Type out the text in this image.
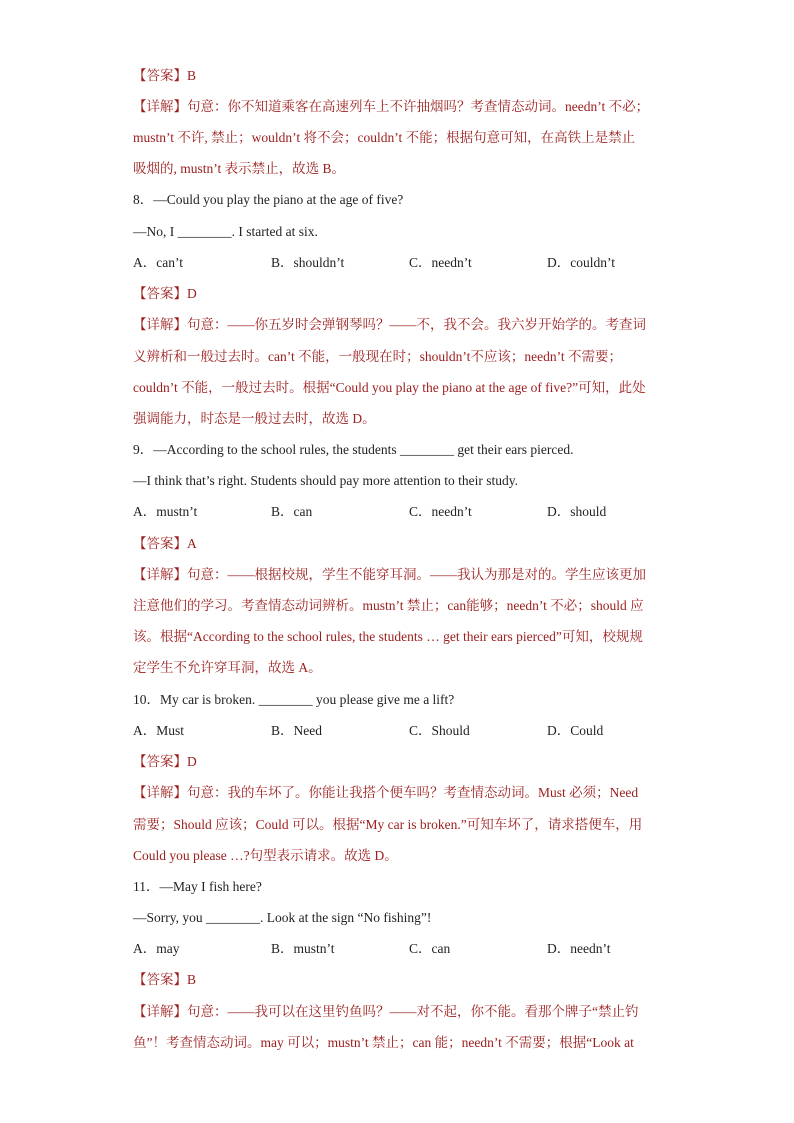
【答案】B
【详解】句意：你不知道乘客在高速列车上不许抽烟吗？考查情态动词。needn’t 不必；
mustn’t 不许, 禁止；wouldn’t 将不会；couldn’t 不能；根据句意可知，在高铁上是禁止
吸烟的, mustn’t 表示禁止，故选 B。
8．—Could you play the piano at the age of five?
—No, I ________. I started at six.
A．can’t	B．shouldn’t	C．needn’t	D．couldn’t
【答案】D
【详解】句意：——你五岁时会弹钢琴吗？——不，我不会。我六岁开始学的。考查词
义辨析和一般过去时。can’t 不能，一般现在时；shouldn’t不应该；needn’t 不需要；
couldn’t 不能，一般过去时。根据“Could you play the piano at the age of five?”可知，此处
强调能力，时态是一般过去时，故选 D。
9．—According to the school rules, the students ________ get their ears pierced.
—I think that’s right. Students should pay more attention to their study.
A．mustn’t	B．can	C．needn’t	D．should
【答案】A
【详解】句意：——根据校规，学生不能穿耳洞。——我认为那是对的。学生应该更加
注意他们的学习。考查情态动词辨析。mustn’t 禁止；can能够；needn’t 不必；should 应
该。根据“According to the school rules, the students … get their ears pierced”可知，校规规
定学生不允许穿耳洞，故选 A。
10．My car is broken. ________ you please give me a lift?
A．Must	B．Need	C．Should	D．Could
【答案】D
【详解】句意：我的车坏了。你能让我搭个便车吗？考查情态动词。Must 必须；Need
需要；Should 应该；Could 可以。根据“My car is broken.”可知车坏了，请求搭便车，用
Could you please …?句型表示请求。故选 D。
11．—May I fish here?
—Sorry, you ________. Look at the sign “No fishing”!
A．may	B．mustn’t	C．can	D．needn’t
【答案】B
【详解】句意：——我可以在这里钓鱼吗？——对不起，你不能。看那个牌子“禁止钓
鱼”！考查情态动词。may 可以；mustn’t 禁止；can 能；needn’t 不需要；根据“Look at
